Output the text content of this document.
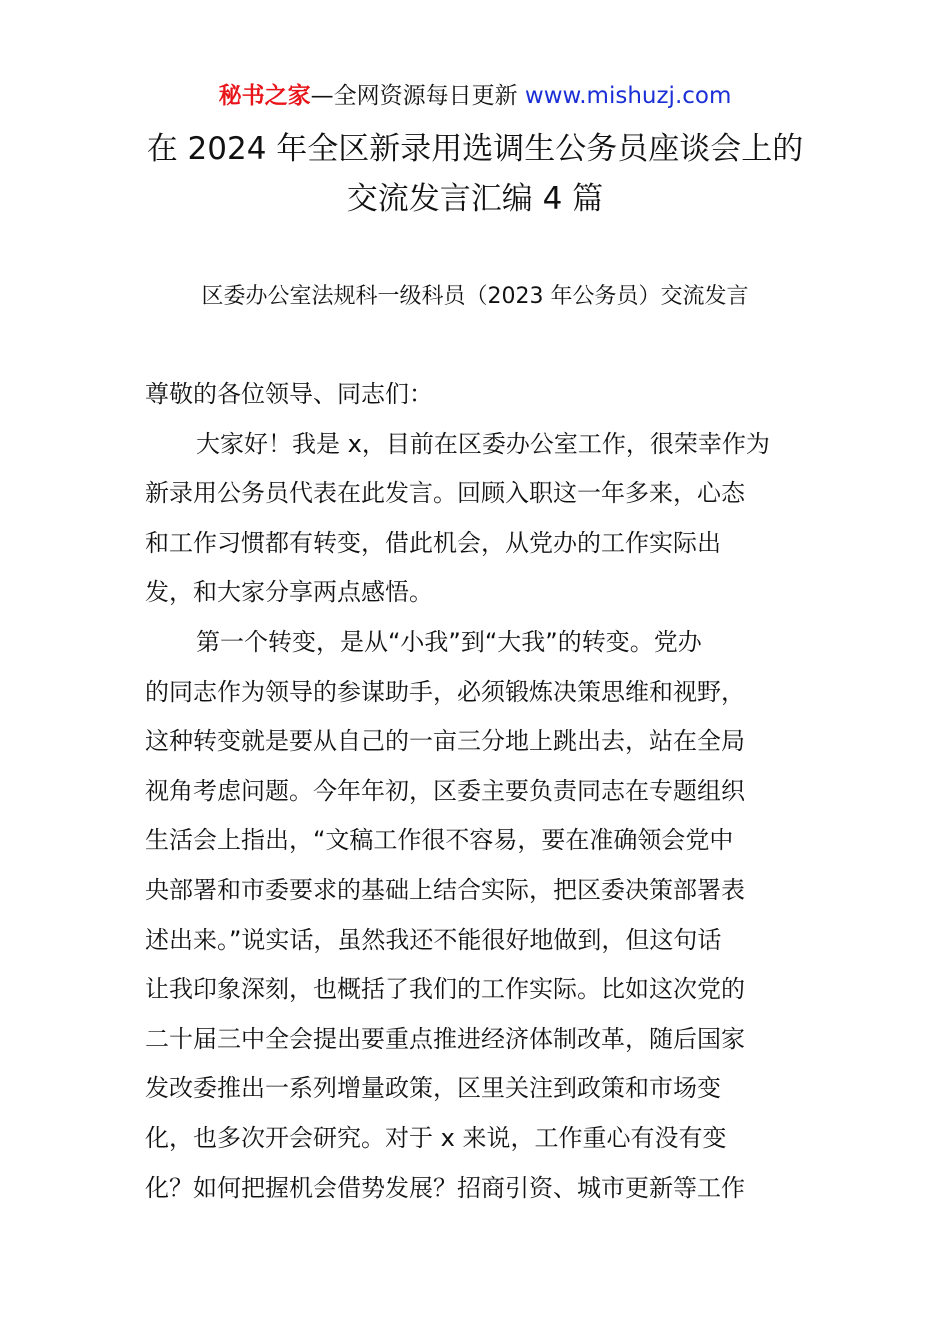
秘书之家—全网资源每日更新 www.mishuzj.com
在 2024 年全区新录用选调生公务员座谈会上的
交流发言汇编 4 篇
区委办公室法规科一级科员（2023 年公务员）交流发言
尊敬的各位领导、同志们：
大家好！我是 x，目前在区委办公室工作，很荣幸作为
新录用公务员代表在此发言。回顾入职这一年多来，心态
和工作习惯都有转变，借此机会，从党办的工作实际出
发，和大家分享两点感悟。
第一个转变，是从“小我”到“大我”的转变。党办
的同志作为领导的参谋助手，必须锻炼决策思维和视野，
这种转变就是要从自己的一亩三分地上跳出去，站在全局
视角考虑问题。今年年初，区委主要负责同志在专题组织
生活会上指出，“文稿工作很不容易，要在准确领会党中
央部署和市委要求的基础上结合实际，把区委决策部署表
述出来。”说实话，虽然我还不能很好地做到，但这句话
让我印象深刻，也概括了我们的工作实际。比如这次党的
二十届三中全会提出要重点推进经济体制改革，随后国家
发改委推出一系列增量政策，区里关注到政策和市场变
化，也多次开会研究。对于 x 来说，工作重心有没有变
化？如何把握机会借势发展？招商引资、城市更新等工作
